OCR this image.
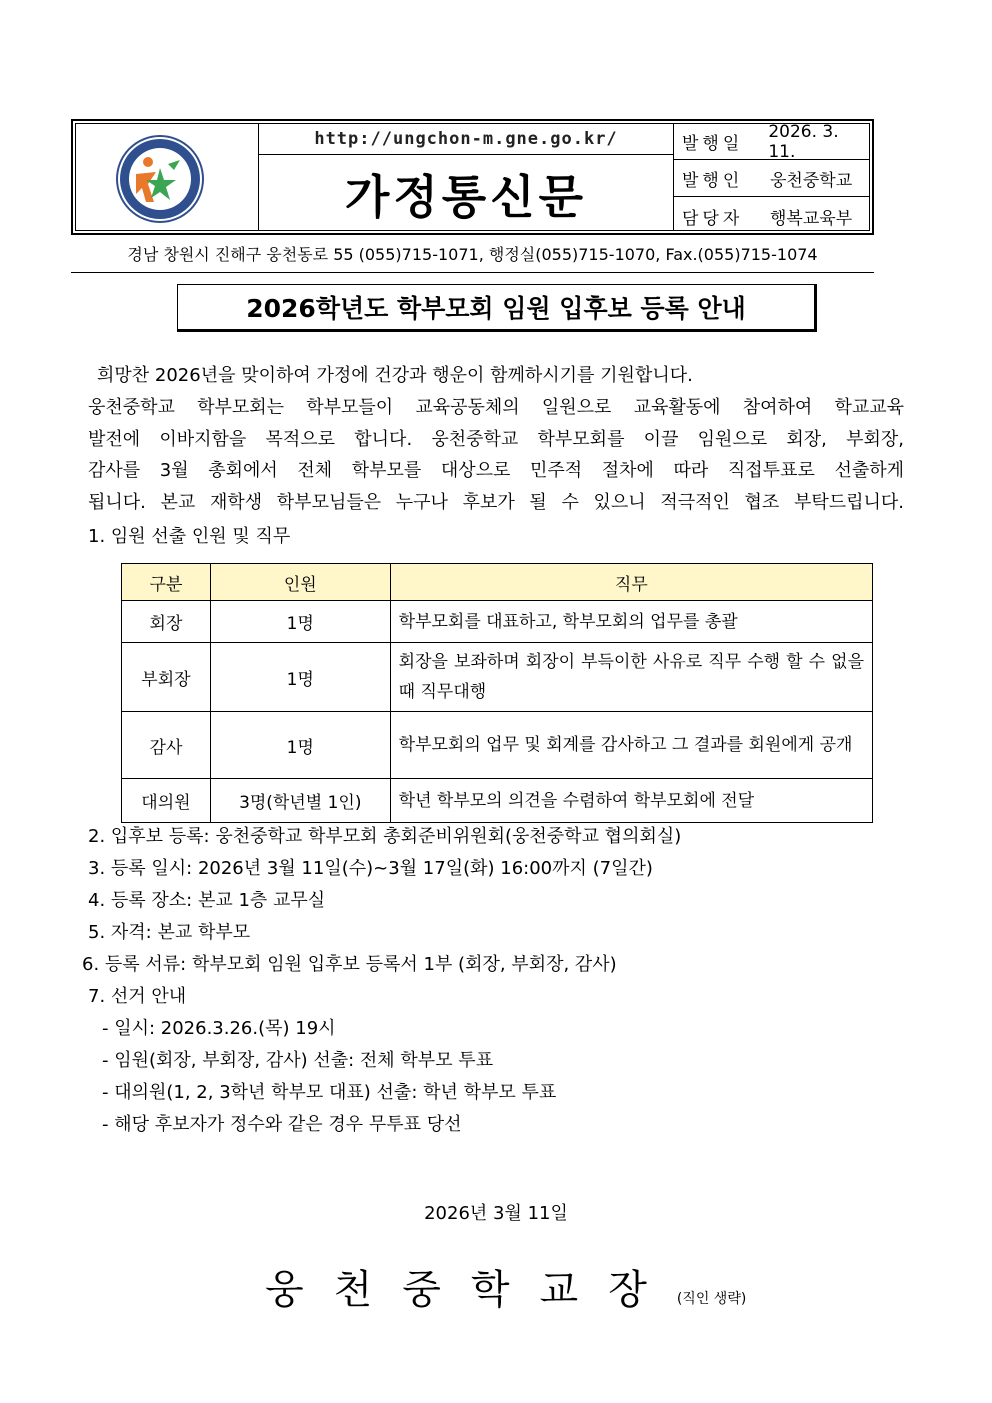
http://ungchon-m.gne.go.kr/
가정통신문
발행일
2026. 3. 11.
발행인	웅천중학교
담당자	행복교육부
경남 창원시 진해구 웅천동로 55 (055)715-1071, 행정실(055)715-1070, Fax.(055)715-1074
2026학년도 학부모회 임원 입후보 등록 안내
희망찬 2026년을 맞이하여 가정에 건강과 행운이 함께하시기를 기원합니다.
웅천중학교 학부모회는 학부모들이 교육공동체의 일원으로 교육활동에 참여하여 학교교육
발전에 이바지함을 목적으로 합니다. 웅천중학교 학부모회를 이끌 임원으로 회장, 부회장,
감사를 3월 총회에서 전체 학부모를 대상으로 민주적 절차에 따라 직접투표로 선출하게
됩니다. 본교 재학생 학부모님들은 누구나 후보가 될 수 있으니 적극적인 협조 부탁드립니다.
1. 임원 선출 인원 및 직무
구분	인원	직무
회장	1명	학부모회를 대표하고, 학부모회의 업무를 총괄
부회장	1명	회장을 보좌하며 회장이 부득이한 사유로 직무 수행 할 수 없을 때 직무대행
감사	1명	학부모회의 업무 및 회계를 감사하고 그 결과를 회원에게 공개
대의원	3명(학년별 1인)	학년 학부모의 의견을 수렴하여 학부모회에 전달
2. 입후보 등록: 웅천중학교 학부모회 총회준비위원회(웅천중학교 협의회실)
3. 등록 일시: 2026년 3월 11일(수)~3월 17일(화) 16:00까지 (7일간)
4. 등록 장소: 본교 1층 교무실
5. 자격: 본교 학부모
6. 등록 서류: 학부모회 임원 입후보 등록서 1부 (회장, 부회장, 감사)
7. 선거 안내
- 일시: 2026.3.26.(목) 19시
- 임원(회장, 부회장, 감사) 선출: 전체 학부모 투표
- 대의원(1, 2, 3학년 학부모 대표) 선출: 학년 학부모 투표
- 해당 후보자가 정수와 같은 경우 무투표 당선
2026년 3월 11일
웅천중학교장(직인 생략)
